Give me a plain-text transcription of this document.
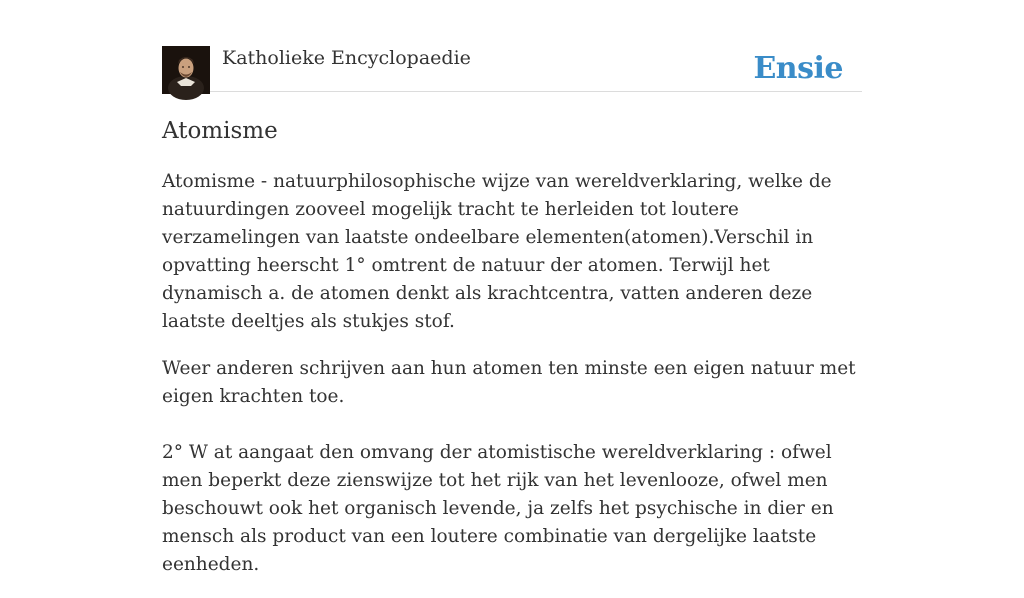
Katholieke Encyclopaedie	Ensie
Atomisme

Atomisme - natuurphilosophische wijze van wereldverklaring, welke de natuurdingen zooveel mogelijk tracht te herleiden tot loutere verzamelingen van laatste ondeelbare elementen(atomen).Verschil in opvatting heerscht 1° omtrent de natuur der atomen. Terwijl het dynamisch a. de atomen denkt als krachtcentra, vatten anderen deze laatste deeltjes als stukjes stof.

Weer anderen schrijven aan hun atomen ten minste een eigen natuur met eigen krachten toe.

2° W at aangaat den omvang der atomistische wereldverklaring : ofwel men beperkt deze zienswijze tot het rijk van het levenlooze, ofwel men beschouwt ook het organisch levende, ja zelfs het psychische in dier en mensch als product van een loutere combinatie van dergelijke laatste eenheden.
